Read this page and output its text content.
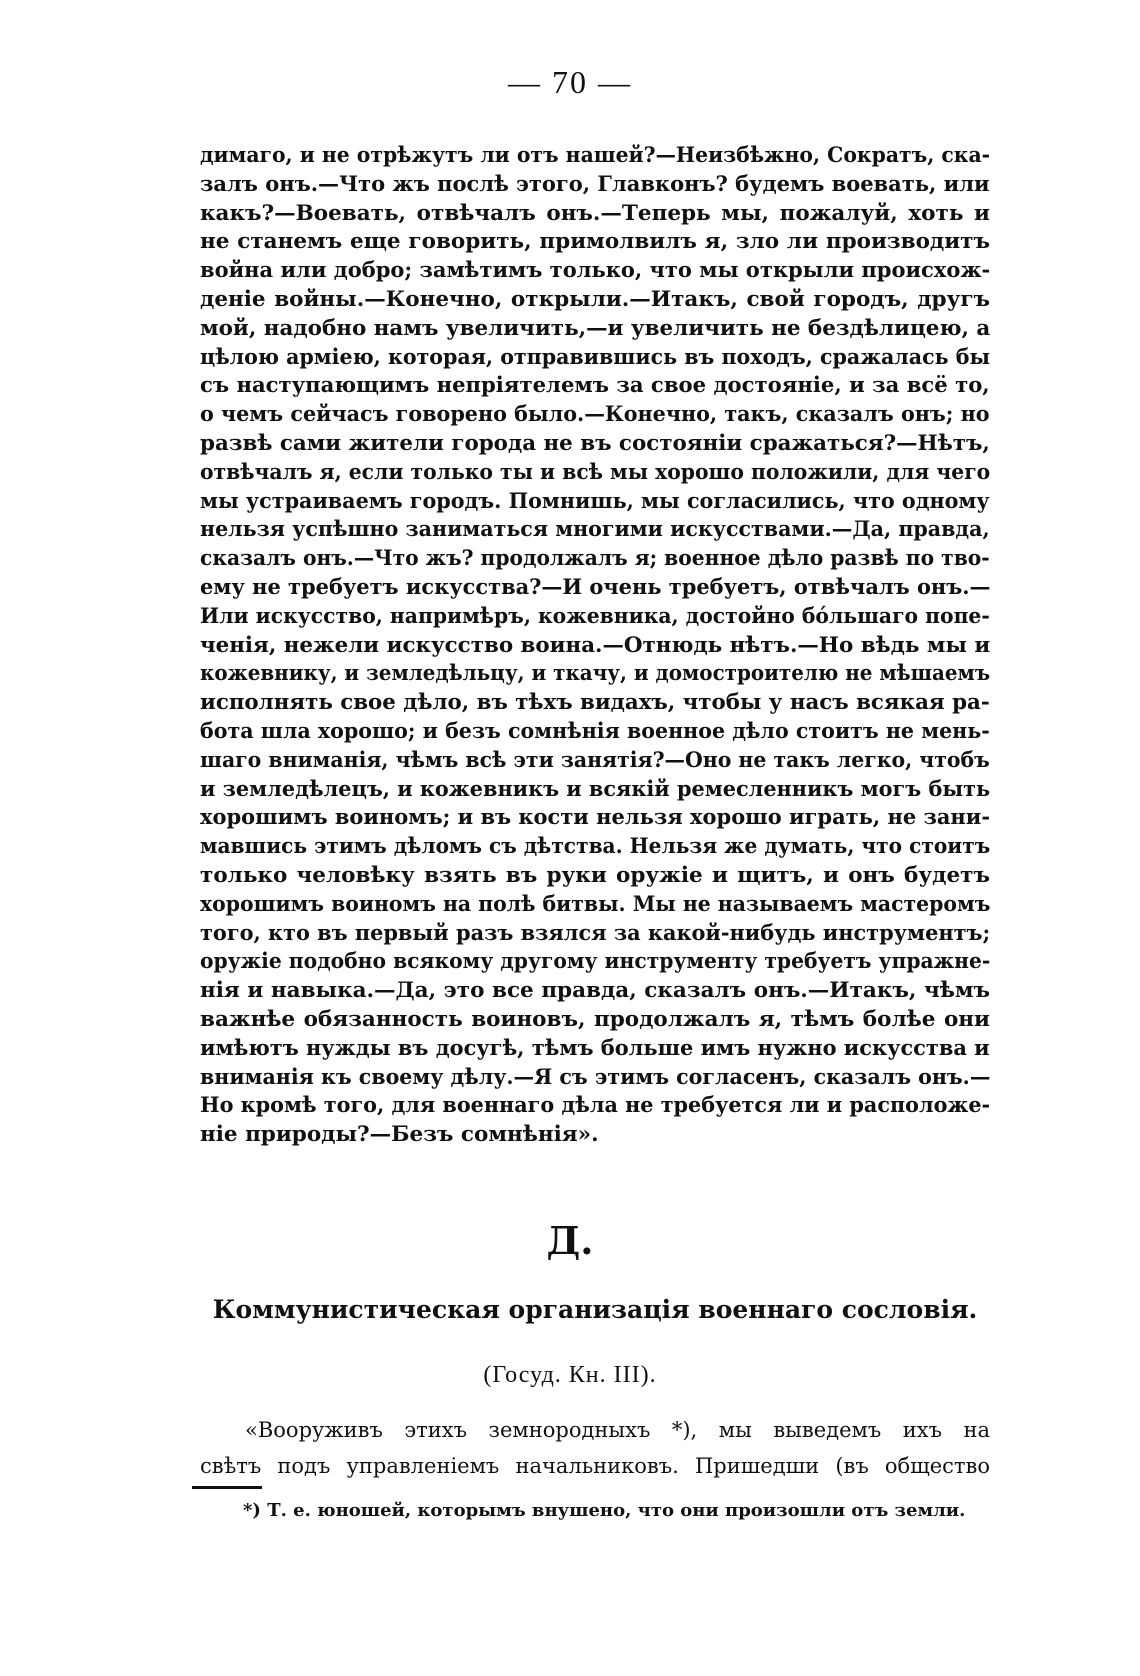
— 70 —
димаго, и не отрѣжутъ ли отъ нашей?—Неизбѣжно, Сократъ, ска-
залъ онъ.—Что жъ послѣ этого, Главконъ? будемъ воевать, или
какъ?—Воевать, отвѣчалъ онъ.—Теперь мы, пожалуй, хоть и
не станемъ еще говорить, примолвилъ я, зло ли производитъ
война или добро; замѣтимъ только, что мы открыли происхож-
деніе войны.—Конечно, открыли.—Итакъ, свой городъ, другъ
мой, надобно намъ увеличить,—и увеличить не бездѣлицею, а
цѣлою арміею, которая, отправившись въ походъ, сражалась бы
съ наступающимъ непріятелемъ за свое достояніе, и за всё то,
о чемъ сейчасъ говорено было.—Конечно, такъ, сказалъ онъ; но
развѣ сами жители города не въ состояніи сражаться?—Нѣтъ,
отвѣчалъ я, если только ты и всѣ мы хорошо положили, для чего
мы устраиваемъ городъ. Помнишь, мы согласились, что одному
нельзя успѣшно заниматься многими искусствами.—Да, правда,
сказалъ онъ.—Что жъ? продолжалъ я; военное дѣло развѣ по тво-
ему не требуетъ искусства?—И очень требуетъ, отвѣчалъ онъ.—
Или искусство, напримѣръ, кожевника, достойно бóльшаго попе-
ченія, нежели искусство воина.—Отнюдь нѣтъ.—Но вѣдь мы и
кожевнику, и земледѣльцу, и ткачу, и домостроителю не мѣшаемъ
исполнять свое дѣло, въ тѣхъ видахъ, чтобы у насъ всякая ра-
бота шла хорошо; и безъ сомнѣнія военное дѣло стоитъ не мень-
шаго вниманія, чѣмъ всѣ эти занятія?—Оно не такъ легко, чтобъ
и земледѣлецъ, и кожевникъ и всякій ремесленникъ могъ быть
хорошимъ воиномъ; и въ кости нельзя хорошо играть, не зани-
мавшись этимъ дѣломъ съ дѣтства. Нельзя же думать, что стоитъ
только человѣку взять въ руки оружіе и щитъ, и онъ будетъ
хорошимъ воиномъ на полѣ битвы. Мы не называемъ мастеромъ
того, кто въ первый разъ взялся за какой-нибудь инструментъ;
оружіе подобно всякому другому инструменту требуетъ упражне-
нія и навыка.—Да, это все правда, сказалъ онъ.—Итакъ, чѣмъ
важнѣе обязанность воиновъ, продолжалъ я, тѣмъ болѣе они
имѣютъ нужды въ досугѣ, тѣмъ больше имъ нужно искусства и
вниманія къ своему дѣлу.—Я съ этимъ согласенъ, сказалъ онъ.—
Но кромѣ того, для военнаго дѣла не требуется ли и расположе-
ніе природы?—Безъ сомнѣнія».
Д.
Коммунистическая организація военнаго сословія.
(Госуд. Кн. III).
«Вооруживъ этихъ земнородныхъ *), мы выведемъ ихъ на
свѣтъ подъ управленіемъ начальниковъ. Пришедши (въ общество
*) Т. е. юношей, которымъ внушено, что они произошли отъ земли.
